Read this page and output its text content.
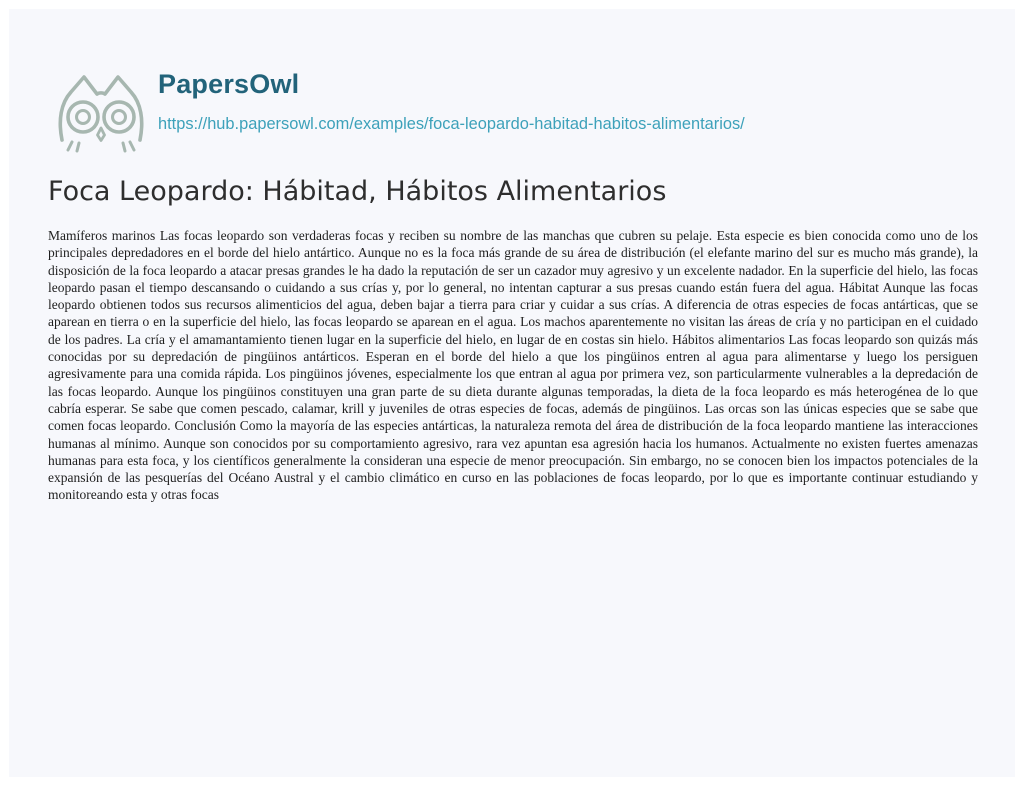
PapersOwl
https://hub.papersowl.com/examples/foca-leopardo-habitad-habitos-alimentarios/
Foca Leopardo: Hábitad, Hábitos Alimentarios

Mamíferos marinos Las focas leopardo son verdaderas focas y reciben su nombre de las manchas que cubren su pelaje. Esta especie es bien conocida como uno de los principales depredadores en el borde del hielo antártico. Aunque no es la foca más grande de su área de distribución (el elefante marino del sur es mucho más grande), la disposición de la foca leopardo a atacar presas grandes le ha dado la reputación de ser un cazador muy agresivo y un excelente nadador. En la superficie del hielo, las focas leopardo pasan el tiempo descansando o cuidando a sus crías y, por lo general, no intentan capturar a sus presas cuando están fuera del agua. Hábitat Aunque las focas leopardo obtienen todos sus recursos alimenticios del agua, deben bajar a tierra para criar y cuidar a sus crías. A diferencia de otras especies de focas antárticas, que se aparean en tierra o en la superficie del hielo, las focas leopardo se aparean en el agua. Los machos aparentemente no visitan las áreas de cría y no participan en el cuidado de los padres. La cría y el amamantamiento tienen lugar en la superficie del hielo, en lugar de en costas sin hielo. Hábitos alimentarios Las focas leopardo son quizás más conocidas por su depredación de pingüinos antárticos. Esperan en el borde del hielo a que los pingüinos entren al agua para alimentarse y luego los persiguen agresivamente para una comida rápida. Los pingüinos jóvenes, especialmente los que entran al agua por primera vez, son particularmente vulnerables a la depredación de las focas leopardo. Aunque los pingüinos constituyen una gran parte de su dieta durante algunas temporadas, la dieta de la foca leopardo es más heterogénea de lo que cabría esperar. Se sabe que comen pescado, calamar, krill y juveniles de otras especies de focas, además de pingüinos. Las orcas son las únicas especies que se sabe que comen focas leopardo. Conclusión Como la mayoría de las especies antárticas, la naturaleza remota del área de distribución de la foca leopardo mantiene las interacciones humanas al mínimo. Aunque son conocidos por su comportamiento agresivo, rara vez apuntan esa agresión hacia los humanos. Actualmente no existen fuertes amenazas humanas para esta foca, y los científicos generalmente la consideran una especie de menor preocupación. Sin embargo, no se conocen bien los impactos potenciales de la expansión de las pesquerías del Océano Austral y el cambio climático en curso en las poblaciones de focas leopardo, por lo que es importante continuar estudiando y monitoreando esta y otras focas
